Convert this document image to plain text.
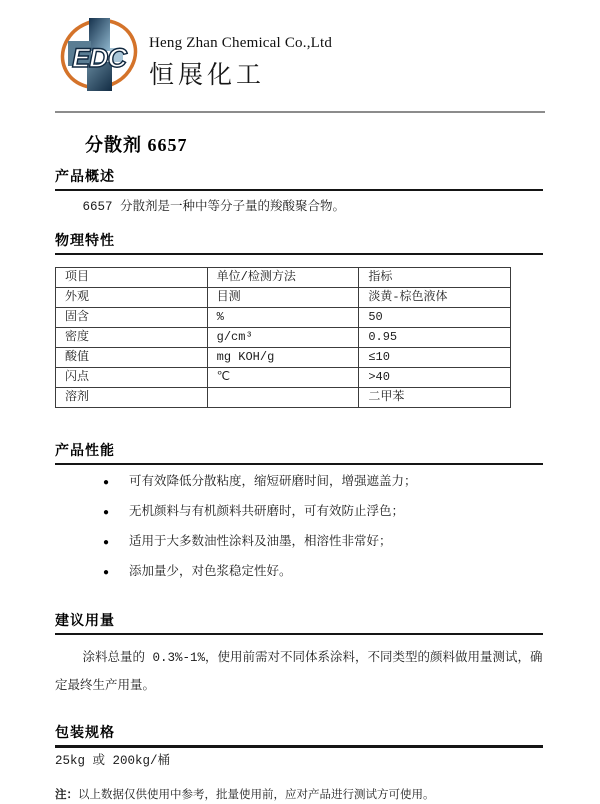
EDC Heng Zhan Chemical Co.,Ltd
恒展化工
分散剂 6657
产品概述
6657 分散剂是一种中等分子量的羧酸聚合物。
物理特性
项目	单位/检测方法	指标
外观	目测	淡黄-棕色液体
固含	%	50
密度	g/cm³	0.95
酸值	mg KOH/g	≤10
闪点	℃	>40
溶剂		二甲苯
产品性能
● 可有效降低分散粘度，缩短研磨时间，增强遮盖力；
● 无机颜料与有机颜料共研磨时，可有效防止浮色；
● 适用于大多数油性涂料及油墨，相溶性非常好；
● 添加量少，对色浆稳定性好。
建议用量
涂料总量的 0.3%-1%，使用前需对不同体系涂料，不同类型的颜料做用量测试，确定最终生产用量。
包装规格
25kg 或 200kg/桶
注：以上数据仅供使用中参考，批量使用前，应对产品进行测试方可使用。
